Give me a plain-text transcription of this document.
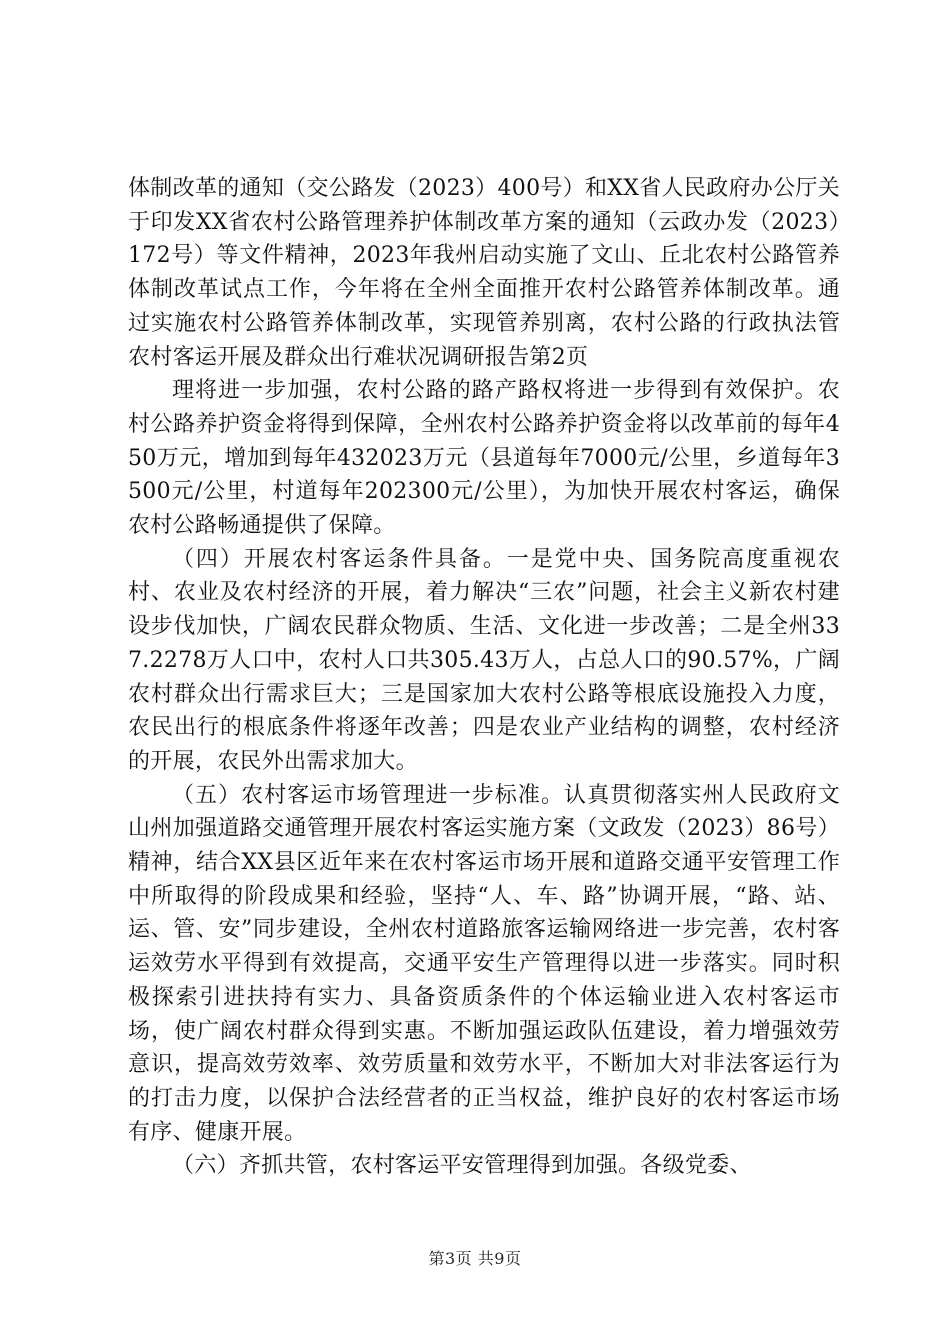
体制改革的通知（交公路发（2023）400号）和XX省人民政府办公厅关于印发XX省农村公路管理养护体制改革方案的通知（云政办发（2023）172号）等文件精神，2023年我州启动实施了文山、丘北农村公路管养体制改革试点工作，今年将在全州全面推开农村公路管养体制改革。通过实施农村公路管养体制改革，实现管养别离，农村公路的行政执法管农村客运开展及群众出行难状况调研报告第2页

理将进一步加强，农村公路的路产路权将进一步得到有效保护。农村公路养护资金将得到保障，全州农村公路养护资金将以改革前的每年450万元，增加到每年432023万元（县道每年7000元/公里，乡道每年3500元/公里，村道每年202300元/公里），为加快开展农村客运，确保农村公路畅通提供了保障。

（四）开展农村客运条件具备。一是党中央、国务院高度重视农村、农业及农村经济的开展，着力解决“三农”问题，社会主义新农村建设步伐加快，广阔农民群众物质、生活、文化进一步改善；二是全州337.2278万人口中，农村人口共305.43万人，占总人口的90.57%，广阔农村群众出行需求巨大；三是国家加大农村公路等根底设施投入力度，农民出行的根底条件将逐年改善；四是农业产业结构的调整，农村经济的开展，农民外出需求加大。

（五）农村客运市场管理进一步标准。认真贯彻落实州人民政府文山州加强道路交通管理开展农村客运实施方案（文政发（2023）86号）精神，结合XX县区近年来在农村客运市场开展和道路交通平安管理工作中所取得的阶段成果和经验，坚持“人、车、路”协调开展，“路、站、运、管、安”同步建设，全州农村道路旅客运输网络进一步完善，农村客运效劳水平得到有效提高，交通平安生产管理得以进一步落实。同时积极探索引进扶持有实力、具备资质条件的个体运输业进入农村客运市场，使广阔农村群众得到实惠。不断加强运政队伍建设，着力增强效劳意识，提高效劳效率、效劳质量和效劳水平，不断加大对非法客运行为的打击力度，以保护合法经营者的正当权益，维护良好的农村客运市场有序、健康开展。

（六）齐抓共管，农村客运平安管理得到加强。各级党委、

第3页 共9页
